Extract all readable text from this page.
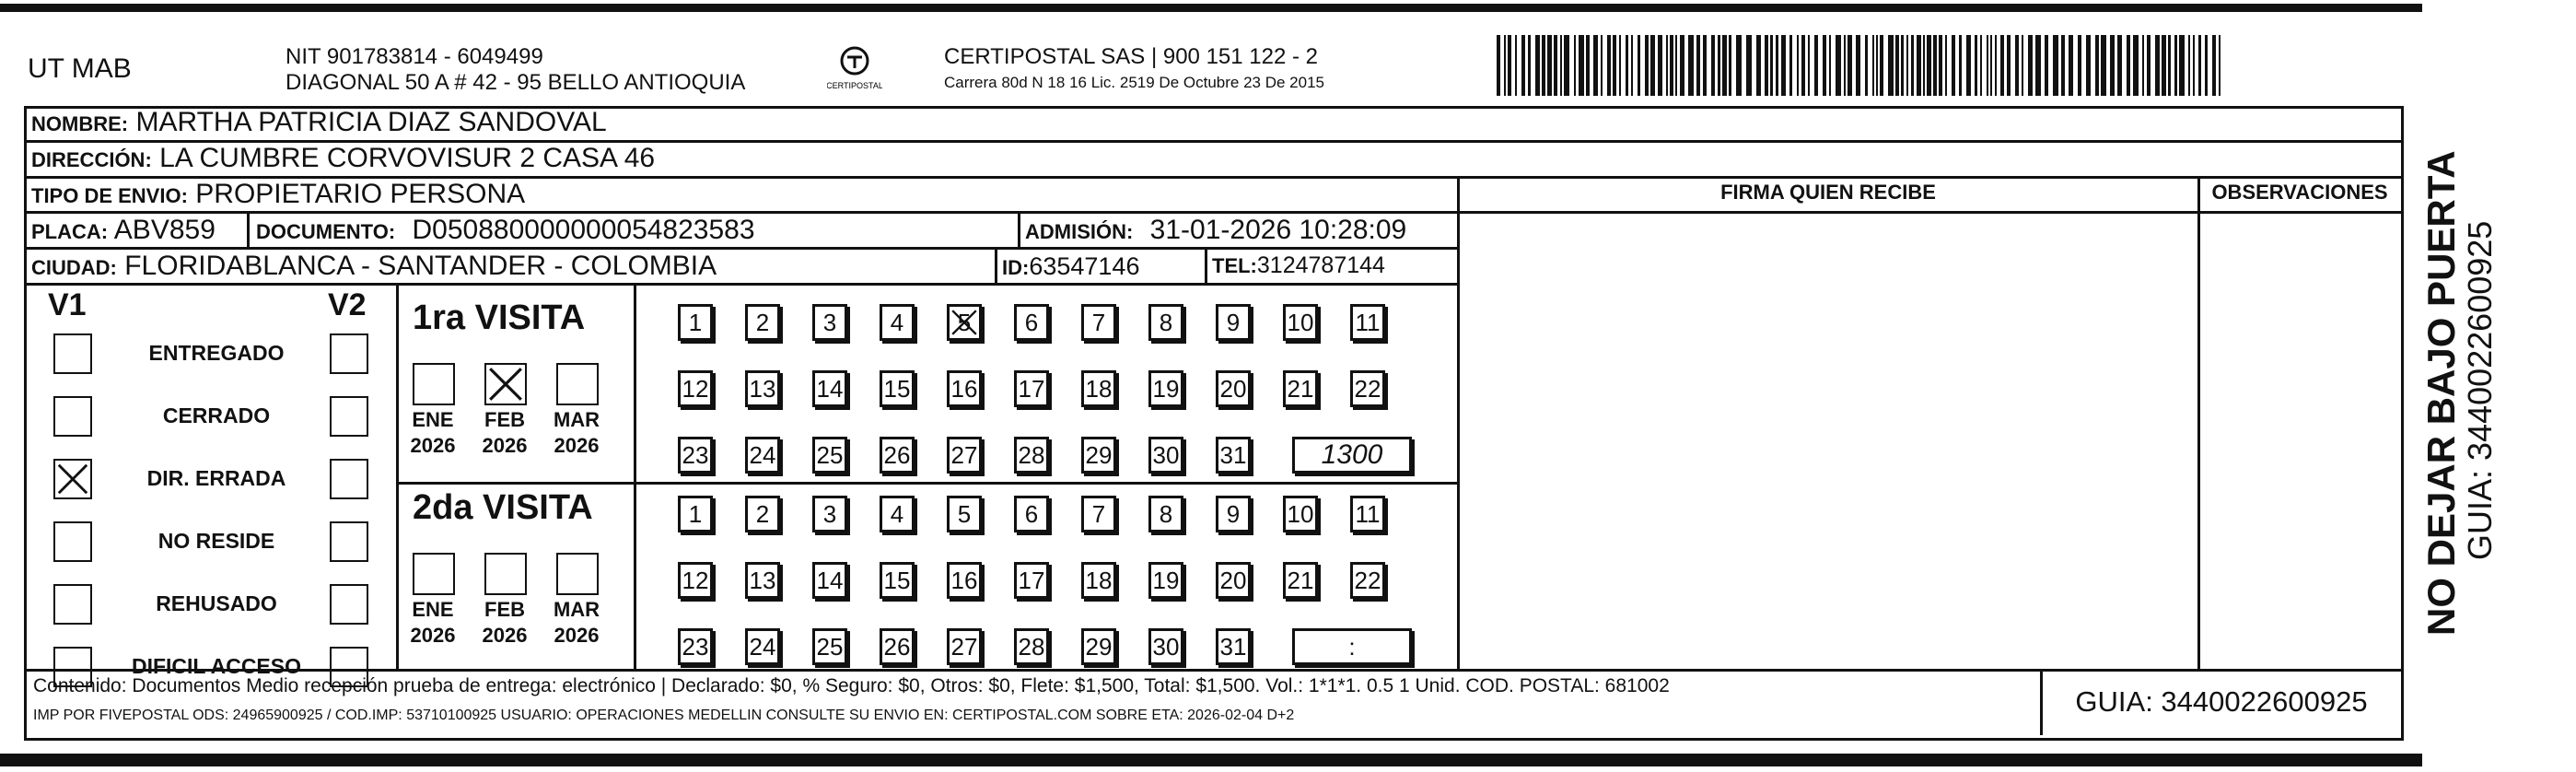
UT MAB	NIT 901783814 - 6049499
DIAGONAL 50 A # 42 - 95 BELLO ANTIOQUIA	CERTIPOSTAL
CERTIPOSTAL SAS | 900 151 122 - 2
Carrera 80d N 18 16 Lic. 2519 De Octubre 23 De 2015
NOMBRE: MARTHA PATRICIA DIAZ SANDOVAL
DIRECCIÓN: LA CUMBRE CORVOVISUR 2 CASA 46
TIPO DE ENVIO: PROPIETARIO PERSONA	FIRMA QUIEN RECIBE	OBSERVACIONES
PLACA: ABV859 DOCUMENTO: D050880000000054823583	ADMISIÓN: 31-01-2026 10:28:09
CIUDAD: FLORIDABLANCA - SANTANDER - COLOMBIA	ID:63547146	TEL:3124787144
V1	V2
ENTREGADO
CERRADO
DIR. ERRADA
NO RESIDE
REHUSADO
DIFICIL ACCESO
1ra VISITA
2da VISITA
ENE
2026
FEB
2026
MAR
2026
ENE
2026
FEB
2026
MAR
2026
1	2	3	4	5	6	7	8	9	10 11
12 13 14 15 16 17 18 19 20 21 22
23 24 25 26 27 28 29 30 31	1300
1	2	3	4	5	6	7	8	9	10 11
12 13 14 15 16 17 18 19 20 21 22
23 24 25 26 27 28 29 30 31	:
Contenido: Documentos Medio recepción prueba de entrega: electrónico | Declarado: $0, % Seguro: $0, Otros: $0, Flete: $1,500, Total: $1,500. Vol.: 1*1*1. 0.5 1 Unid. COD. POSTAL: 681002
IMP POR FIVEPOSTAL ODS: 24965900925 / COD.IMP: 53710100925 USUARIO: OPERACIONES MEDELLIN CONSULTE SU ENVIO EN: CERTIPOSTAL.COM SOBRE ETA: 2026-02-04 D+2	GUIA: 3440022600925
NO DEJAR BAJO PUERTA
GUIA: 3440022600925
